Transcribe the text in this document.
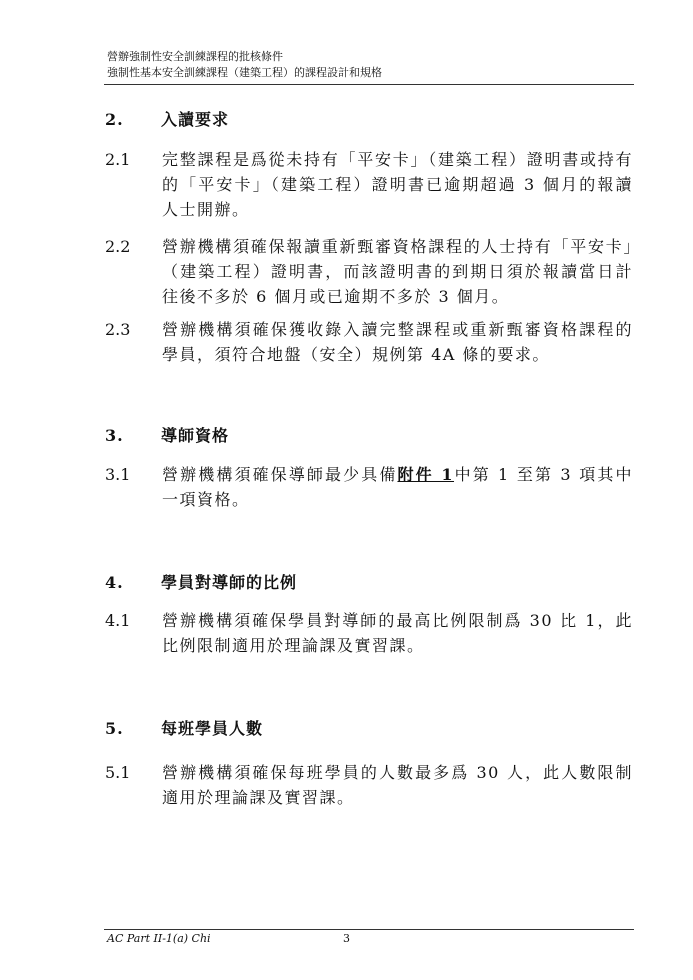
營辦強制性安全訓練課程的批核條件
強制性基本安全訓練課程（建築工程）的課程設計和規格
2. 入讀要求
2.1 完整課程是爲從未持有「平安卡」（建築工程）證明書或持有的「平安卡」（建築工程）證明書已逾期超過 3 個月的報讀人士開辦。
2.2 營辦機構須確保報讀重新甄審資格課程的人士持有「平安卡」（建築工程）證明書，而該證明書的到期日須於報讀當日計往後不多於 6 個月或已逾期不多於 3 個月。
2.3 營辦機構須確保獲收錄入讀完整課程或重新甄審資格課程的學員，須符合地盤（安全）規例第 4A 條的要求。
3. 導師資格
3.1 營辦機構須確保導師最少具備附件 1中第 1 至第 3 項其中一項資格。
4. 學員對導師的比例
4.1 營辦機構須確保學員對導師的最高比例限制爲 30 比 1，此比例限制適用於理論課及實習課。
5. 每班學員人數
5.1 營辦機構須確保每班學員的人數最多爲 30 人，此人數限制適用於理論課及實習課。
AC Part II-1(a) Chi	3
